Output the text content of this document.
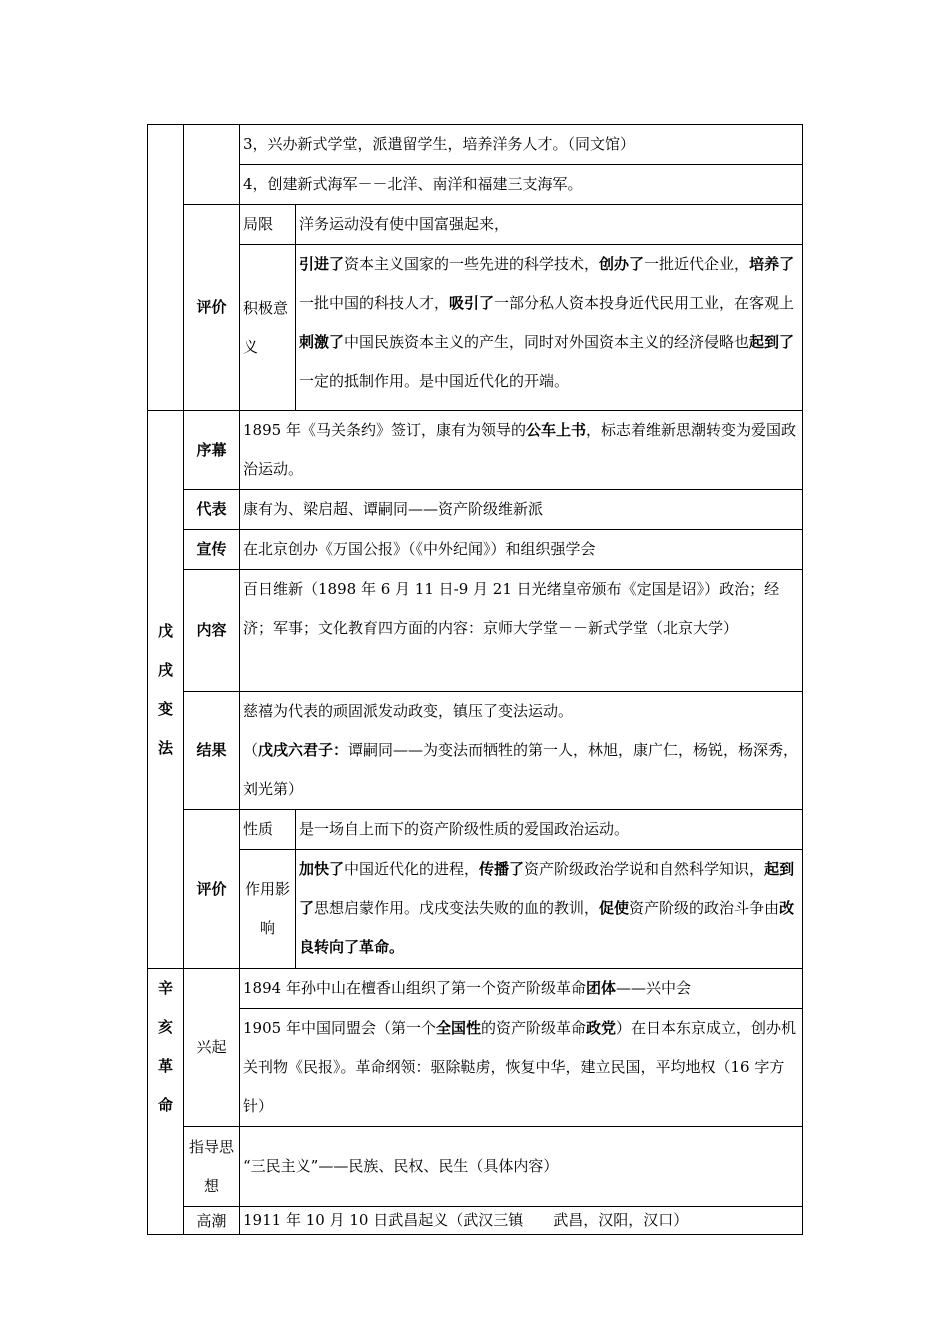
		3，兴办新式学堂，派遣留学生，培养洋务人才。（同文馆）	
		4，创建新式海军－－北洋、南洋和福建三支海军。	
	评价	局限	洋务运动没有使中国富强起来，
		积极意义	引进了资本主义国家的一些先进的科学技术，创办了一批近代企业，培养了一批中国的科技人才，吸引了一部分私人资本投身近代民用工业，在客观上刺激了中国民族资本主义的产生，同时对外国资本主义的经济侵略也起到了一定的抵制作用。是中国近代化的开端。
戊戌变法	序幕	1895 年《马关条约》签订，康有为领导的公车上书，标志着维新思潮转变为爱国政治运动。	
	代表	康有为、梁启超、谭嗣同——资产阶级维新派	
	宣传	在北京创办《万国公报》（《中外纪闻》）和组织强学会	
	内容	百日维新（1898 年 6 月 11 日-9 月 21 日光绪皇帝颁布《定国是诏》）政治；经济；军事；文化教育四方面的内容：京师大学堂－－新式学堂（北京大学）	
	结果	慈禧为代表的顽固派发动政变，镇压了变法运动。
（戊戌六君子：谭嗣同——为变法而牺牲的第一人，林旭，康广仁，杨锐，杨深秀，刘光第）	

	评价	性质	是一场自上而下的资产阶级性质的爱国政治运动。
		作用影响	加快了中国近代化的进程，传播了资产阶级政治学说和自然科学知识，起到了思想启蒙作用。戊戌变法失败的血的教训，促使资产阶级的政治斗争由改良转向了革命。
辛亥革命	兴起	1894 年孙中山在檀香山组织了第一个资产阶级革命团体——兴中会	
		1905 年中国同盟会（第一个全国性的资产阶级革命政党）在日本东京成立，创办机关刊物《民报》。革命纲领：驱除鞑虏，恢复中华，建立民国，平均地权（16 字方针）	
	指导思想	“三民主义”——民族、民权、民生（具体内容）	
	高潮	1911 年 10 月 10 日武昌起义（武汉三镇　　武昌，汉阳，汉口）	
